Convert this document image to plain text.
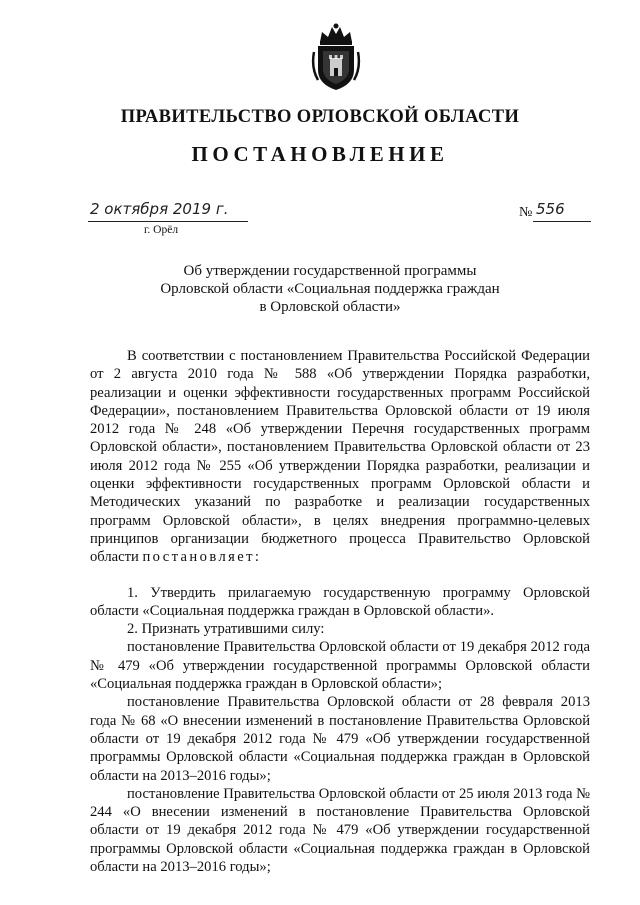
ПРАВИТЕЛЬСТВО ОРЛОВСКОЙ ОБЛАСТИ
ПОСТАНОВЛЕНИЕ
2 октября 2019 г.
г. Орёл
№ 556
Об утверждении государственной программы
Орловской области «Социальная поддержка граждан
в Орловской области»

В соответствии с постановлением Правительства Российской Федерации от 2 августа 2010 года № 588 «Об утверждении Порядка разработки, реализации и оценки эффективности государственных программ Российской Федерации», постановлением Правительства Орловской области от 19 июля 2012 года № 248 «Об утверждении Перечня государственных программ Орловской области», постановлением Правительства Орловской области от 23 июля 2012 года № 255 «Об утверждении Порядка разработки, реализации и оценки эффективности государственных программ Орловской области и Методических указаний по разработке и реализации государственных программ Орловской области», в целях внедрения программно-целевых принципов организации бюджетного процесса Правительство Орловской области постановляет:

1. Утвердить прилагаемую государственную программу Орловской области «Социальная поддержка граждан в Орловской области».

2. Признать утратившими силу:

постановление Правительства Орловской области от 19 декабря 2012 года № 479 «Об утверждении государственной программы Орловской области «Социальная поддержка граждан в Орловской области»;

постановление Правительства Орловской области от 28 февраля 2013 года № 68 «О внесении изменений в постановление Правительства Орловской области от 19 декабря 2012 года № 479 «Об утверждении государственной программы Орловской области «Социальная поддержка граждан в Орловской области на 2013–2016 годы»;

постановление Правительства Орловской области от 25 июля 2013 года № 244 «О внесении изменений в постановление Правительства Орловской области от 19 декабря 2012 года № 479 «Об утверждении государственной программы Орловской области «Социальная поддержка граждан в Орловской области на 2013–2016 годы»;
